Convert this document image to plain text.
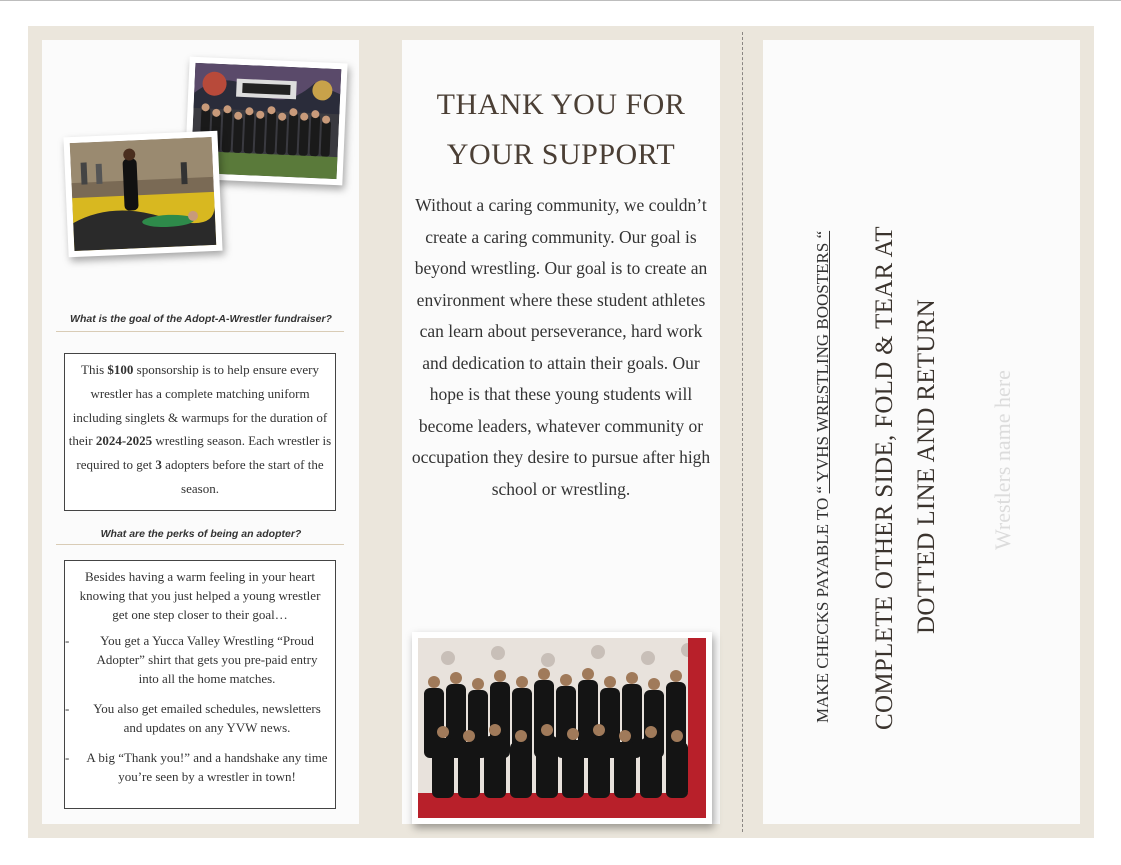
What is the goal of the Adopt-A-Wrestler fundraiser?
This $100 sponsorship is to help ensure every wrestler has a complete matching uniform including singlets & warmups for the duration of their 2024-2025 wrestling season. Each wrestler is required to get 3 adopters before the start of the season.
What are the perks of being an adopter?
Besides having a warm feeling in your heart knowing that you just helped a young wrestler get one step closer to their goal…
- You get a Yucca Valley Wrestling “Proud Adopter” shirt that gets you pre-paid entry into all the home matches.
- You also get emailed schedules, newsletters and updates on any YVW news.
- A big “Thank you!” and a handshake any time you’re seen by a wrestler in town!
THANK YOU FOR
YOUR SUPPORT
Without a caring community, we couldn’t create a caring community. Our goal is beyond wrestling. Our goal is to create an environment where these student athletes can learn about perseverance, hard work and dedication to attain their goals. Our hope is that these young students will become leaders, whatever community or occupation they desire to pursue after high school or wrestling.
MAKE CHECKS PAYABLE TO “ YVHS WRESTLING BOOSTERS “ COMPLETE OTHER SIDE, FOLD & TEAR AT DOTTED LINE AND RETURN Wrestlers name here
